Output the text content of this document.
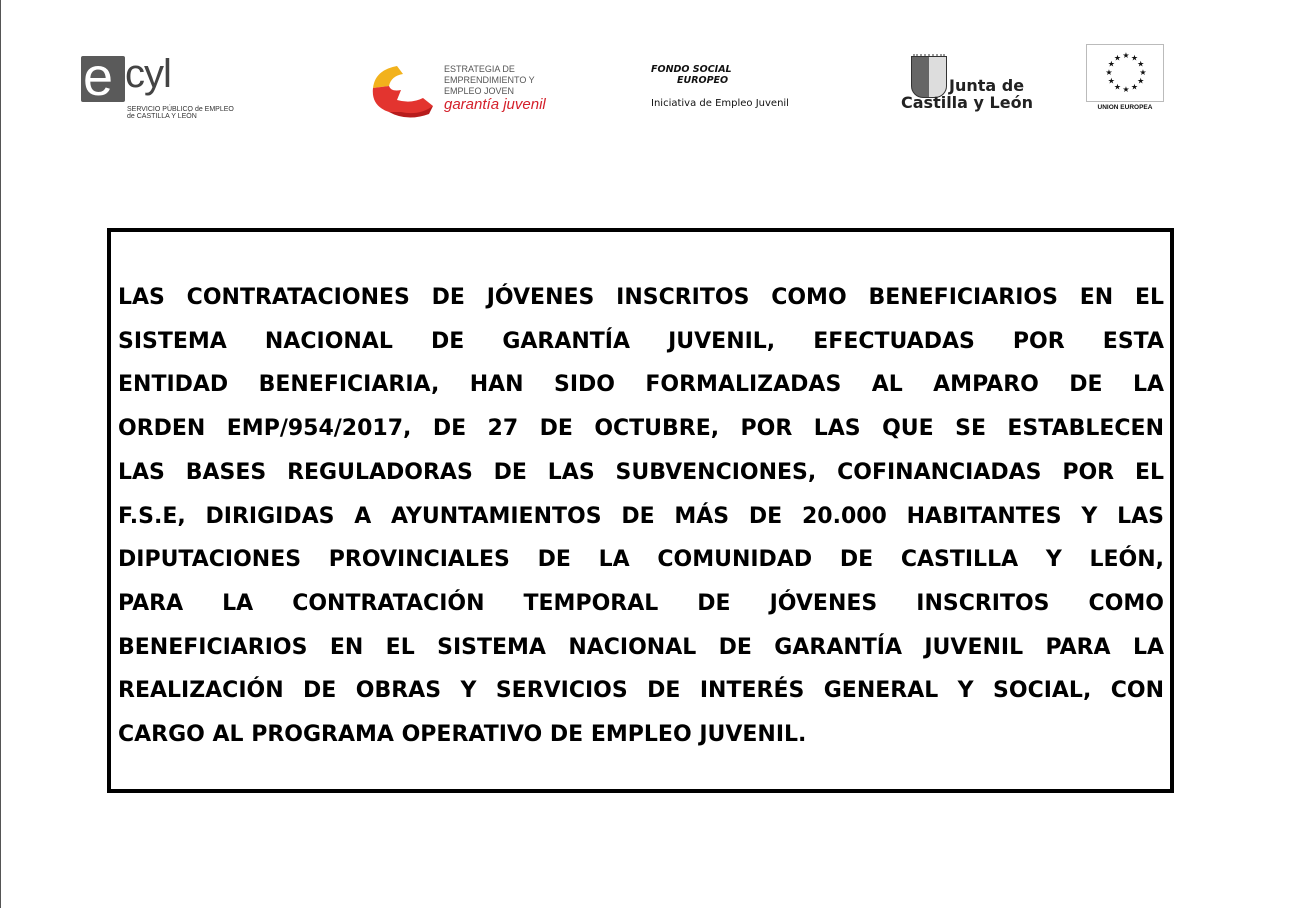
e cyl
SERVICIO PÚBLICO de EMPLEO
de CASTILLA Y LEÓN
ESTRATEGIA DE
EMPRENDIMIENTO Y
EMPLEO JOVEN
garantía juvenil
FONDO SOCIAL
EUROPEO
Iniciativa de Empleo Juvenil
Junta de
Castilla y León
★ ★
★
★
★
★
★
★
★
★
★
★
UNION EUROPEA
LAS CONTRATACIONES DE JÓVENES INSCRITOS COMO BENEFICIARIOS EN EL
SISTEMA NACIONAL DE GARANTÍA JUVENIL, EFECTUADAS POR ESTA
ENTIDAD BENEFICIARIA, HAN SIDO FORMALIZADAS AL AMPARO DE LA
ORDEN EMP/954/2017, DE 27 DE OCTUBRE, POR LAS QUE SE ESTABLECEN
LAS BASES REGULADORAS DE LAS SUBVENCIONES, COFINANCIADAS POR EL
F.S.E, DIRIGIDAS A AYUNTAMIENTOS DE MÁS DE 20.000 HABITANTES Y LAS
DIPUTACIONES PROVINCIALES DE LA COMUNIDAD DE CASTILLA Y LEÓN,
PARA LA CONTRATACIÓN TEMPORAL DE JÓVENES INSCRITOS COMO
BENEFICIARIOS EN EL SISTEMA NACIONAL DE GARANTÍA JUVENIL PARA LA
REALIZACIÓN DE OBRAS Y SERVICIOS DE INTERÉS GENERAL Y SOCIAL, CON
CARGO AL PROGRAMA OPERATIVO DE EMPLEO JUVENIL.
